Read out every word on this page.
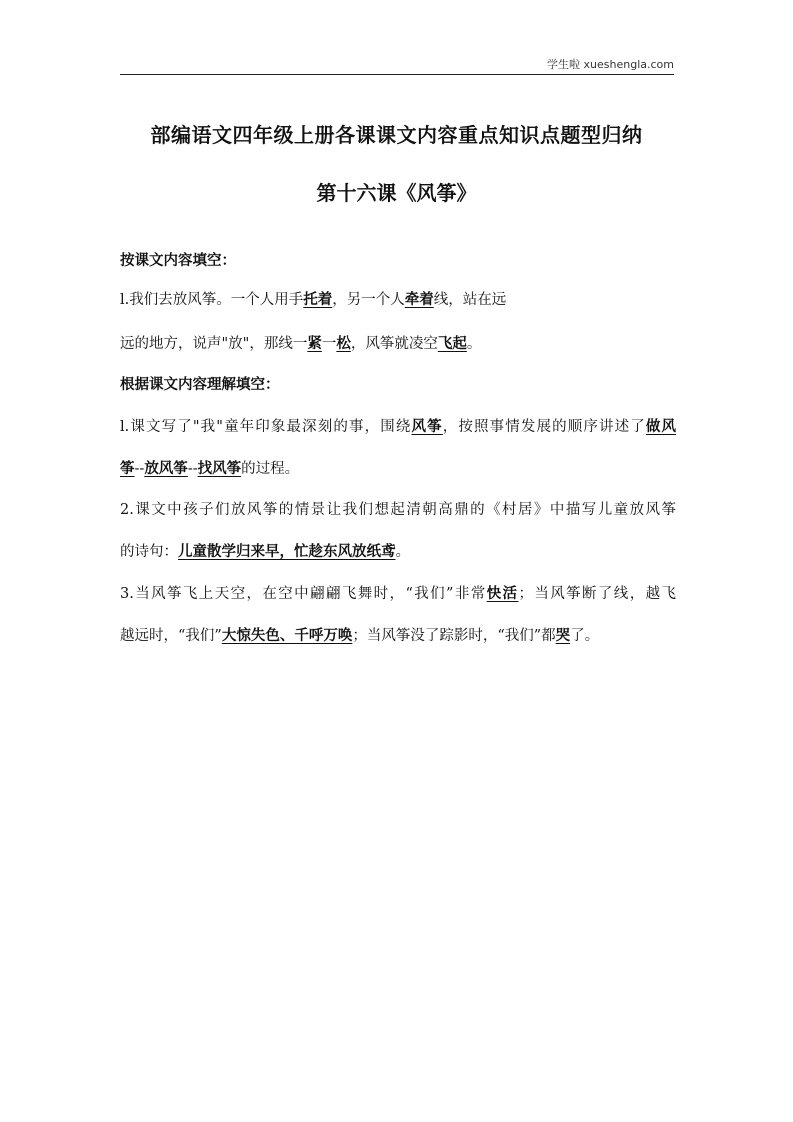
学生啦 xueshengla.com
部编语文四年级上册各课课文内容重点知识点题型归纳
第十六课《风筝》
按课文内容填空：
l.我们去放风筝。一个人用手托着，另一个人牵着线，站在远
远的地方，说声"放"，那线一紧一松，风筝就凌空飞起。
根据课文内容理解填空：
l.课文写了"我"童年印象最深刻的事，围绕风筝，按照事情发展的顺序讲述了做风
筝--放风筝--找风筝的过程。
2.课文中孩子们放风筝的情景让我们想起清朝高鼎的《村居》中描写儿童放风筝
的诗句：儿童散学归来早，忙趁东风放纸鸢。
3.当风筝飞上天空，在空中翩翩飞舞时，“我们”非常快活；当风筝断了线，越飞
越远时，“我们”大惊失色、千呼万唤；当风筝没了踪影时，“我们”都哭了。
